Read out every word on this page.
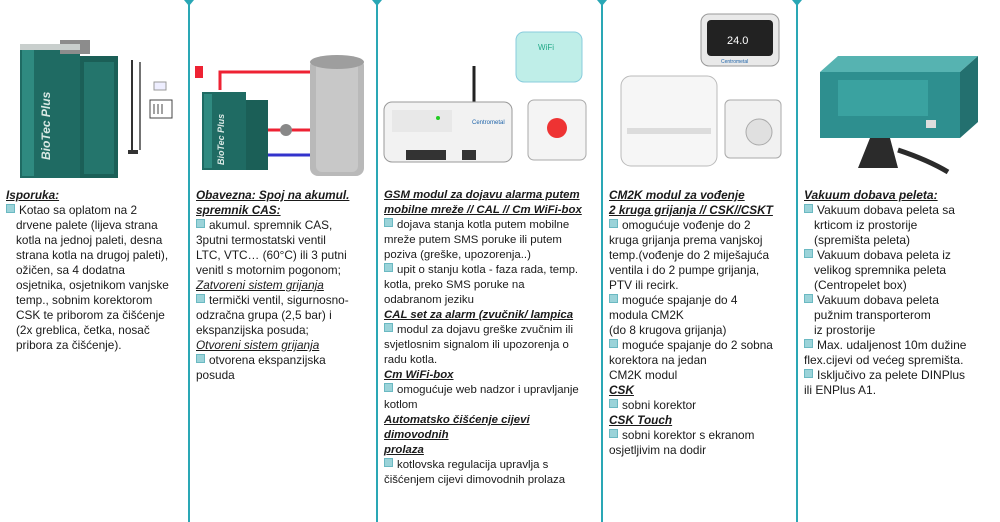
BioTec Plus
Isporuka:
Kotao sa oplatom na 2
drvene palete (lijeva strana
kotla na jednoj paleti, desna
strana kotla na drugoj paleti),
ožičen, sa 4 dodatna
osjetnika, osjetnikom vanjske
temp., sobnim korektorom
CSK te priborom za čišćenje
(2x greblica, četka, nosač
pribora za čišćenje).
BioTec Plus
Obavezna: Spoj na akumul.
spremnik CAS:
akumul. spremnik CAS,
3putni termostatski ventil
LTC, VTC… (60°C) ili 3 putni
venitl s motornim pogonom;
Zatvoreni sistem grijanja
termički ventil, sigurnosno-
odzračna grupa (2,5 bar) i
ekspanzijska posuda;
Otvoreni sistem grijanja
otvorena ekspanzijska
posuda
Centrometal
WiFi
GSM modul za dojavu alarma putem
mobilne mreže // CAL // Cm WiFi-box
dojava stanja kotla putem mobilne
mreže putem SMS poruke ili putem
poziva (greške, upozorenja..)
upit o stanju kotla - faza rada, temp.
kotla, preko SMS poruke na
odabranom jeziku
CAL set za alarm (zvučnik/ lampica
modul za dojavu greške zvučnim ili
svjetlosnim signalom ili upozorenja o
radu kotla.
Cm WiFi-box
omogućuje web nadzor i upravljanje
kotlom
Automatsko čišćenje cijevi dimovodnih
prolaza
kotlovska regulacija upravlja s
čišćenjem cijevi dimovodnih prolaza
24.0
Centrometal
CM2K modul za vođenje
2 kruga grijanja // CSK//CSKT
omogućuje vođenje do 2
kruga grijanja prema vanjskoj
temp.(vođenje do 2 miješajuća
ventila i do 2 pumpe grijanja,
PTV ili recirk.
moguće spajanje do 4
modula CM2K
(do 8 krugova grijanja)
moguće spajanje do 2 sobna
korektora na jedan
CM2K modul
CSK
sobni korektor
CSK Touch
sobni korektor s ekranom
osjetljivim na dodir
Vakuum dobava peleta:
Vakuum dobava peleta sa
krticom iz prostorije
(spremišta peleta)
Vakuum dobava peleta iz
velikog spremnika peleta
(Centropelet box)
Vakuum dobava peleta
pužnim transporterom
iz prostorije
Max. udaljenost 10m dužine
flex.cijevi od većeg spremišta.
Isključivo za pelete DINPlus
ili ENPlus A1.
